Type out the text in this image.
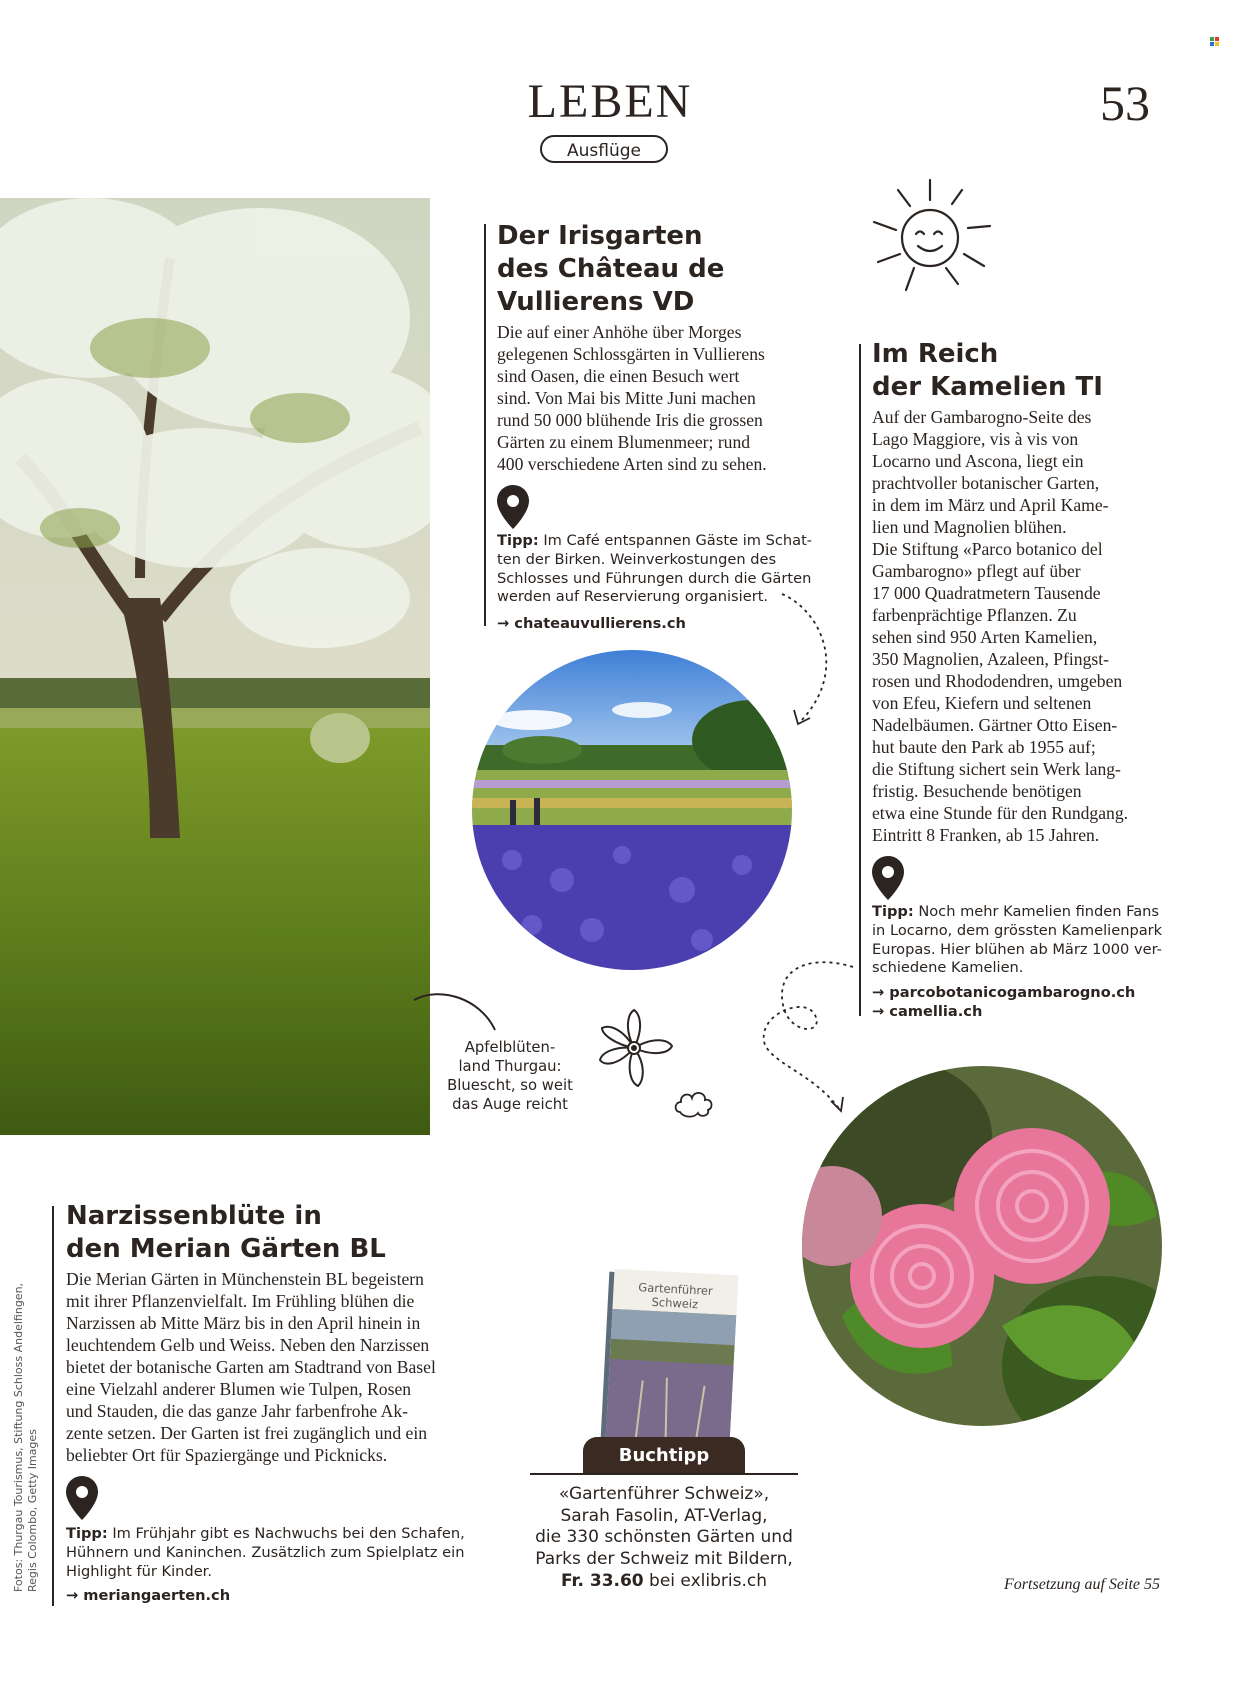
LEBEN
Ausflüge
53
Der Irisgarten
des Château de
Vullierens VD
Die auf einer Anhöhe über Morges
gelegenen Schlossgärten in Vullierens
sind Oasen, die einen Besuch wert
sind. Von Mai bis Mitte Juni machen
rund 50 000 blühende Iris die grossen
Gärten zu einem Blumenmeer; rund
400 verschiedene Arten sind zu sehen.
Tipp: Im Café entspannen Gäste im Schat-
ten der Birken. Weinverkostungen des
Schlosses und Führungen durch die Gärten
werden auf Reservierung organisiert.
→ chateauvullierens.ch
Im Reich
der Kamelien TI
Auf der Gambarogno-Seite des
Lago Maggiore, vis à vis von
Locarno und Ascona, liegt ein
prachtvoller botanischer Garten,
in dem im März und April Kame-
lien und Magnolien blühen.
Die Stiftung «Parco botanico del
Gambarogno» pflegt auf über
17 000 Quadratmetern Tausende
farbenprächtige Pflanzen. Zu
sehen sind 950 Arten Kamelien,
350 Magnolien, Azaleen, Pfingst-
rosen und Rhododendren, umgeben
von Efeu, Kiefern und seltenen
Nadelbäumen. Gärtner Otto Eisen-
hut baute den Park ab 1955 auf;
die Stiftung sichert sein Werk lang-
fristig. Besuchende benötigen
etwa eine Stunde für den Rundgang.
Eintritt 8 Franken, ab 15 Jahren.
Tipp: Noch mehr Kamelien finden Fans
in Locarno, dem grössten Kamelienpark
Europas. Hier blühen ab März 1000 ver-
schiedene Kamelien.
→ parcobotanicogambarogno.ch
→ camellia.ch
Apfelblüten-
land Thurgau:
Bluescht, so weit
das Auge reicht
Narzissenblüte in
den Merian Gärten BL
Die Merian Gärten in Münchenstein BL begeistern
mit ihrer Pflanzenvielfalt. Im Frühling blühen die
Narzissen ab Mitte März bis in den April hinein in
leuchtendem Gelb und Weiss. Neben den Narzissen
bietet der botanische Garten am Stadtrand von Basel
eine Vielzahl anderer Blumen wie Tulpen, Rosen
und Stauden, die das ganze Jahr farbenfrohe Ak-
zente setzen. Der Garten ist frei zugänglich und ein
beliebter Ort für Spaziergänge und Picknicks.
Tipp: Im Frühjahr gibt es Nachwuchs bei den Schafen,
Hühnern und Kaninchen. Zusätzlich zum Spielplatz ein
Highlight für Kinder.
→ meriangaerten.ch
Gartenführer Schweiz
Buchtipp
«Gartenführer Schweiz»,
Sarah Fasolin, AT-Verlag,
die 330 schönsten Gärten und
Parks der Schweiz mit Bildern,
Fr. 33.60 bei exlibris.ch	Fortsetzung auf Seite 55
Fotos: Thurgau Tourismus, Stiftung Schloss Andelfingen, Regis Colombo, Getty Images
